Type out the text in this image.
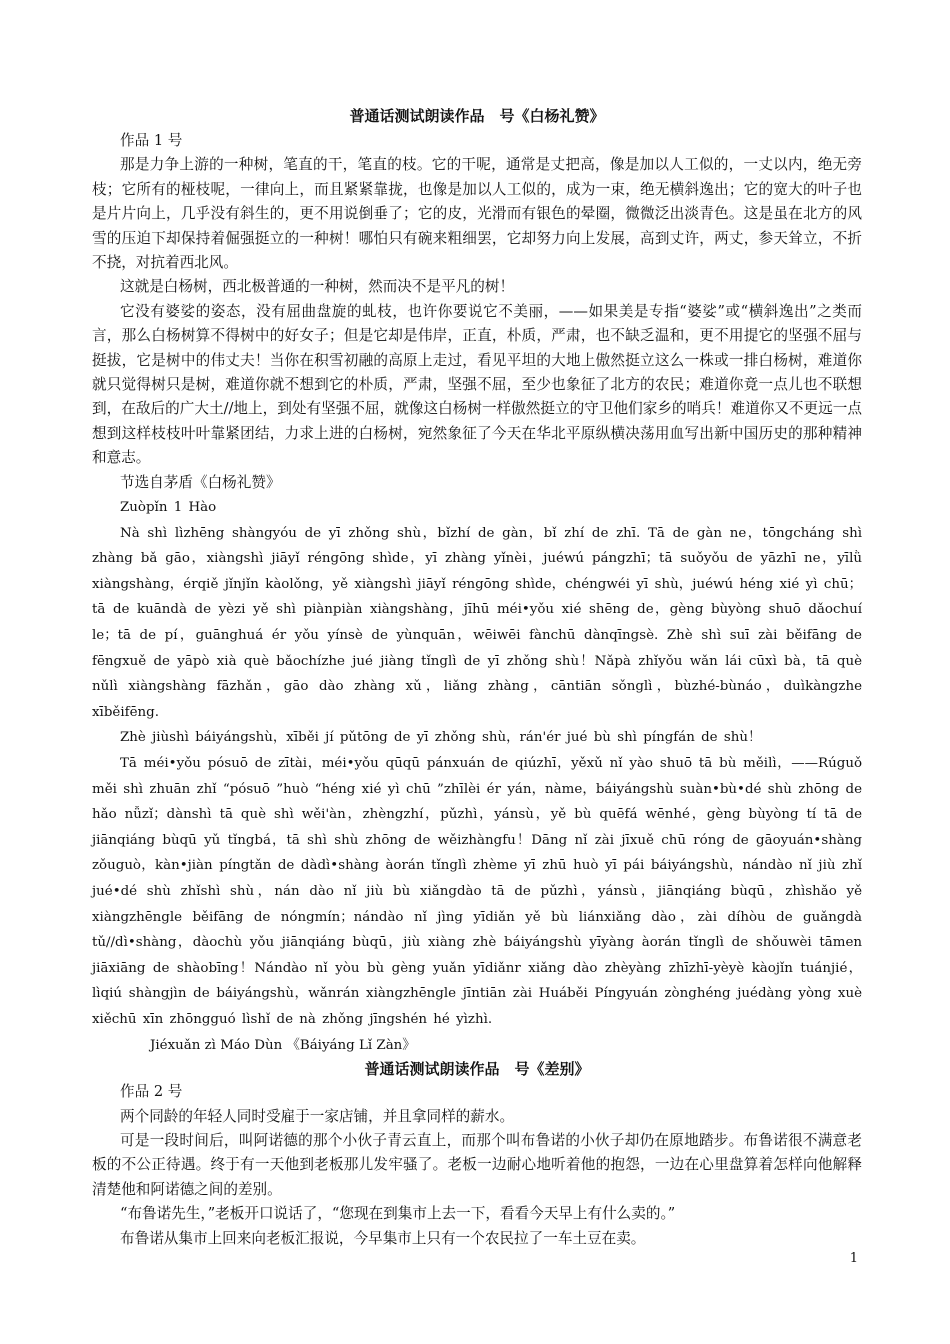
普通话测试朗读作品　号《白杨礼赞》

作品 1 号

那是力争上游的一种树，笔直的干，笔直的枝。它的干呢，通常是丈把高，像是加以人工似的，一丈以内，绝无旁枝；它所有的桠枝呢，一律向上，而且紧紧靠拢，也像是加以人工似的，成为一束，绝无横斜逸出；它的宽大的叶子也是片片向上，几乎没有斜生的，更不用说倒垂了；它的皮，光滑而有银色的晕圈，微微泛出淡青色。这是虽在北方的风雪的压迫下却保持着倔强挺立的一种树！哪怕只有碗来粗细罢，它却努力向上发展，高到丈许，两丈，参天耸立，不折不挠，对抗着西北风。

这就是白杨树，西北极普通的一种树，然而决不是平凡的树！

它没有婆娑的姿态，没有屈曲盘旋的虬枝，也许你要说它不美丽，——如果美是专指“婆娑”或“横斜逸出”之类而言，那么白杨树算不得树中的好女子；但是它却是伟岸，正直，朴质，严肃，也不缺乏温和，更不用提它的坚强不屈与挺拔，它是树中的伟丈夫！当你在积雪初融的高原上走过，看见平坦的大地上傲然挺立这么一株或一排白杨树，难道你就只觉得树只是树，难道你就不想到它的朴质，严肃，坚强不屈，至少也象征了北方的农民；难道你竟一点儿也不联想到，在敌后的广大土//地上，到处有坚强不屈，就像这白杨树一样傲然挺立的守卫他们家乡的哨兵！难道你又不更远一点想到这样枝枝叶叶靠紧团结，力求上进的白杨树，宛然象征了今天在华北平原纵横决荡用血写出新中国历史的那种精神和意志。

节选自茅盾《白杨礼赞》

Zuòpǐn 1 Hào

Nà shì lìzhēng shàngyóu de yī zhǒng shù，bǐzhí de gàn，bǐ zhí de zhī. Tā de gàn ne，tōngcháng shì zhàng bǎ gāo，xiàngshì jiāyǐ réngōng shìde，yī zhàng yǐnèi，juéwú pángzhī；tā suǒyǒu de yāzhī ne，yīlǜ xiàngshàng，érqiě jǐnjǐn kàolǒng，yě xiàngshì jiāyǐ réngōng shìde，chéngwéi yī shù，juéwú héng xié yì chū；tā de kuāndà de yèzi yě shì piànpiàn xiàngshàng，jīhū méi•yǒu xié shēng de，gèng bùyòng shuō dǎochuí le；tā de pí，guānghuá ér yǒu yínsè de yùnquān，wēiwēi fànchū dànqīngsè. Zhè shì suī zài běifāng de fēngxuě de yāpò xià què bǎochízhe jué jiàng tǐnglì de yī zhǒng shù！Nǎpà zhǐyǒu wǎn lái cūxì bà，tā què nǔlì xiàngshàng fāzhǎn，gāo dào zhàng xǔ，liǎng zhàng，cāntiān sǒnglì，bùzhé-bùnáo，duìkàngzhe xīběifēng.

Zhè jiùshì báiyángshù，xīběi jí pǔtōng de yī zhǒng shù，rán'ér jué bù shì píngfán de shù！

Tā méi•yǒu pósuō de zītài，méi•yǒu qūqū pánxuán de qiúzhī，yěxǔ nǐ yào shuō tā bù měilì，——Rúguǒ měi shì zhuān zhǐ “pósuō ”huò “héng xié yì chū ”zhīlèi ér yán，nàme，báiyángshù suàn•bù•dé shù zhōng de hǎo nǚzǐ；dànshì tā què shì wěi'àn，zhèngzhí，pǔzhì，yánsù，yě bù quēfá wēnhé，gèng bùyòng tí tā de jiānqiáng bùqū yǔ tǐngbá，tā shì shù zhōng de wěizhàngfu！Dāng nǐ zài jīxuě chū róng de gāoyuán•shàng zǒuguò，kàn•jiàn píngtǎn de dàdì•shàng àorán tǐnglì zhème yī zhū huò yī pái báiyángshù，nándào nǐ jiù zhǐ jué•dé shù zhǐshì shù，nán dào nǐ jiù bù xiǎngdào tā de pǔzhì，yánsù，jiānqiáng bùqū，zhìshǎo yě xiàngzhēngle běifāng de nóngmín；nándào nǐ jìng yīdiǎn yě bù liánxiǎng dào，zài díhòu de guǎngdà tǔ//dì•shàng，dàochù yǒu jiānqiáng bùqū，jiù xiàng zhè báiyángshù yīyàng àorán tǐnglì de shǒuwèi tāmen jiāxiāng de shàobīng！Nándào nǐ yòu bù gèng yuǎn yīdiǎnr xiǎng dào zhèyàng zhīzhī-yèyè kàojǐn tuánjié，lìqiú shàngjìn de báiyángshù，wǎnrán xiàngzhēngle jīntiān zài Huáběi Píngyuán zònghéng juédàng yòng xuè xiěchū xīn zhōngguó lìshǐ de nà zhǒng jīngshén hé yìzhì.

Jiéxuǎn zì Máo Dùn 《Báiyáng Lǐ Zàn》

普通话测试朗读作品　号《差别》

作品 2 号

两个同龄的年轻人同时受雇于一家店铺，并且拿同样的薪水。

可是一段时间后，叫阿诺德的那个小伙子青云直上，而那个叫布鲁诺的小伙子却仍在原地踏步。布鲁诺很不满意老板的不公正待遇。终于有一天他到老板那儿发牢骚了。老板一边耐心地听着他的抱怨，一边在心里盘算着怎样向他解释清楚他和阿诺德之间的差别。

“布鲁诺先生，”老板开口说话了，“您现在到集市上去一下，看看今天早上有什么卖的。”

布鲁诺从集市上回来向老板汇报说，今早集市上只有一个农民拉了一车土豆在卖。

1
